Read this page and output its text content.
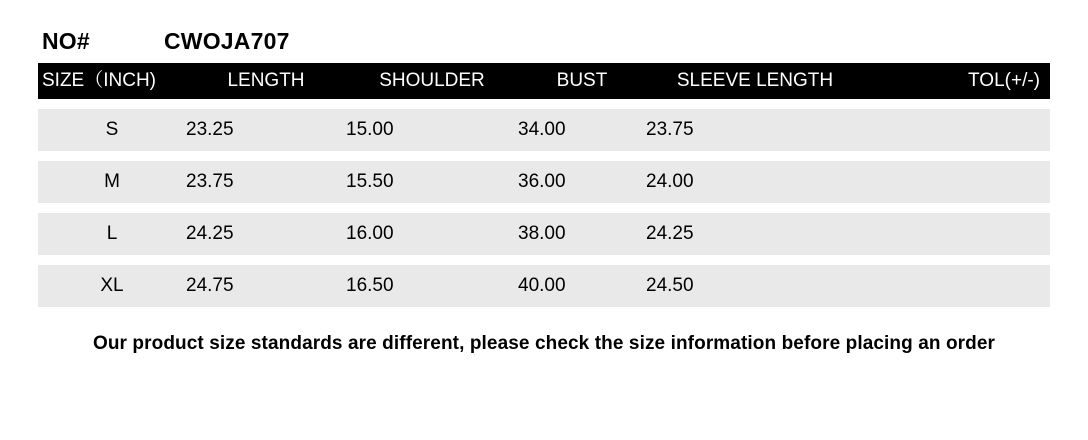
NO#	CWOJA707
SIZE（INCH)	LENGTH	SHOULDER	BUST	SLEEVE LENGTH	TOL(+/-)

S	23.25	15.00	34.00	23.75	

M	23.75	15.50	36.00	24.00	

L	24.25	16.00	38.00	24.25	

XL	24.75	16.50	40.00	24.50	
Our product size standards are different, please check the size information before placing an order
